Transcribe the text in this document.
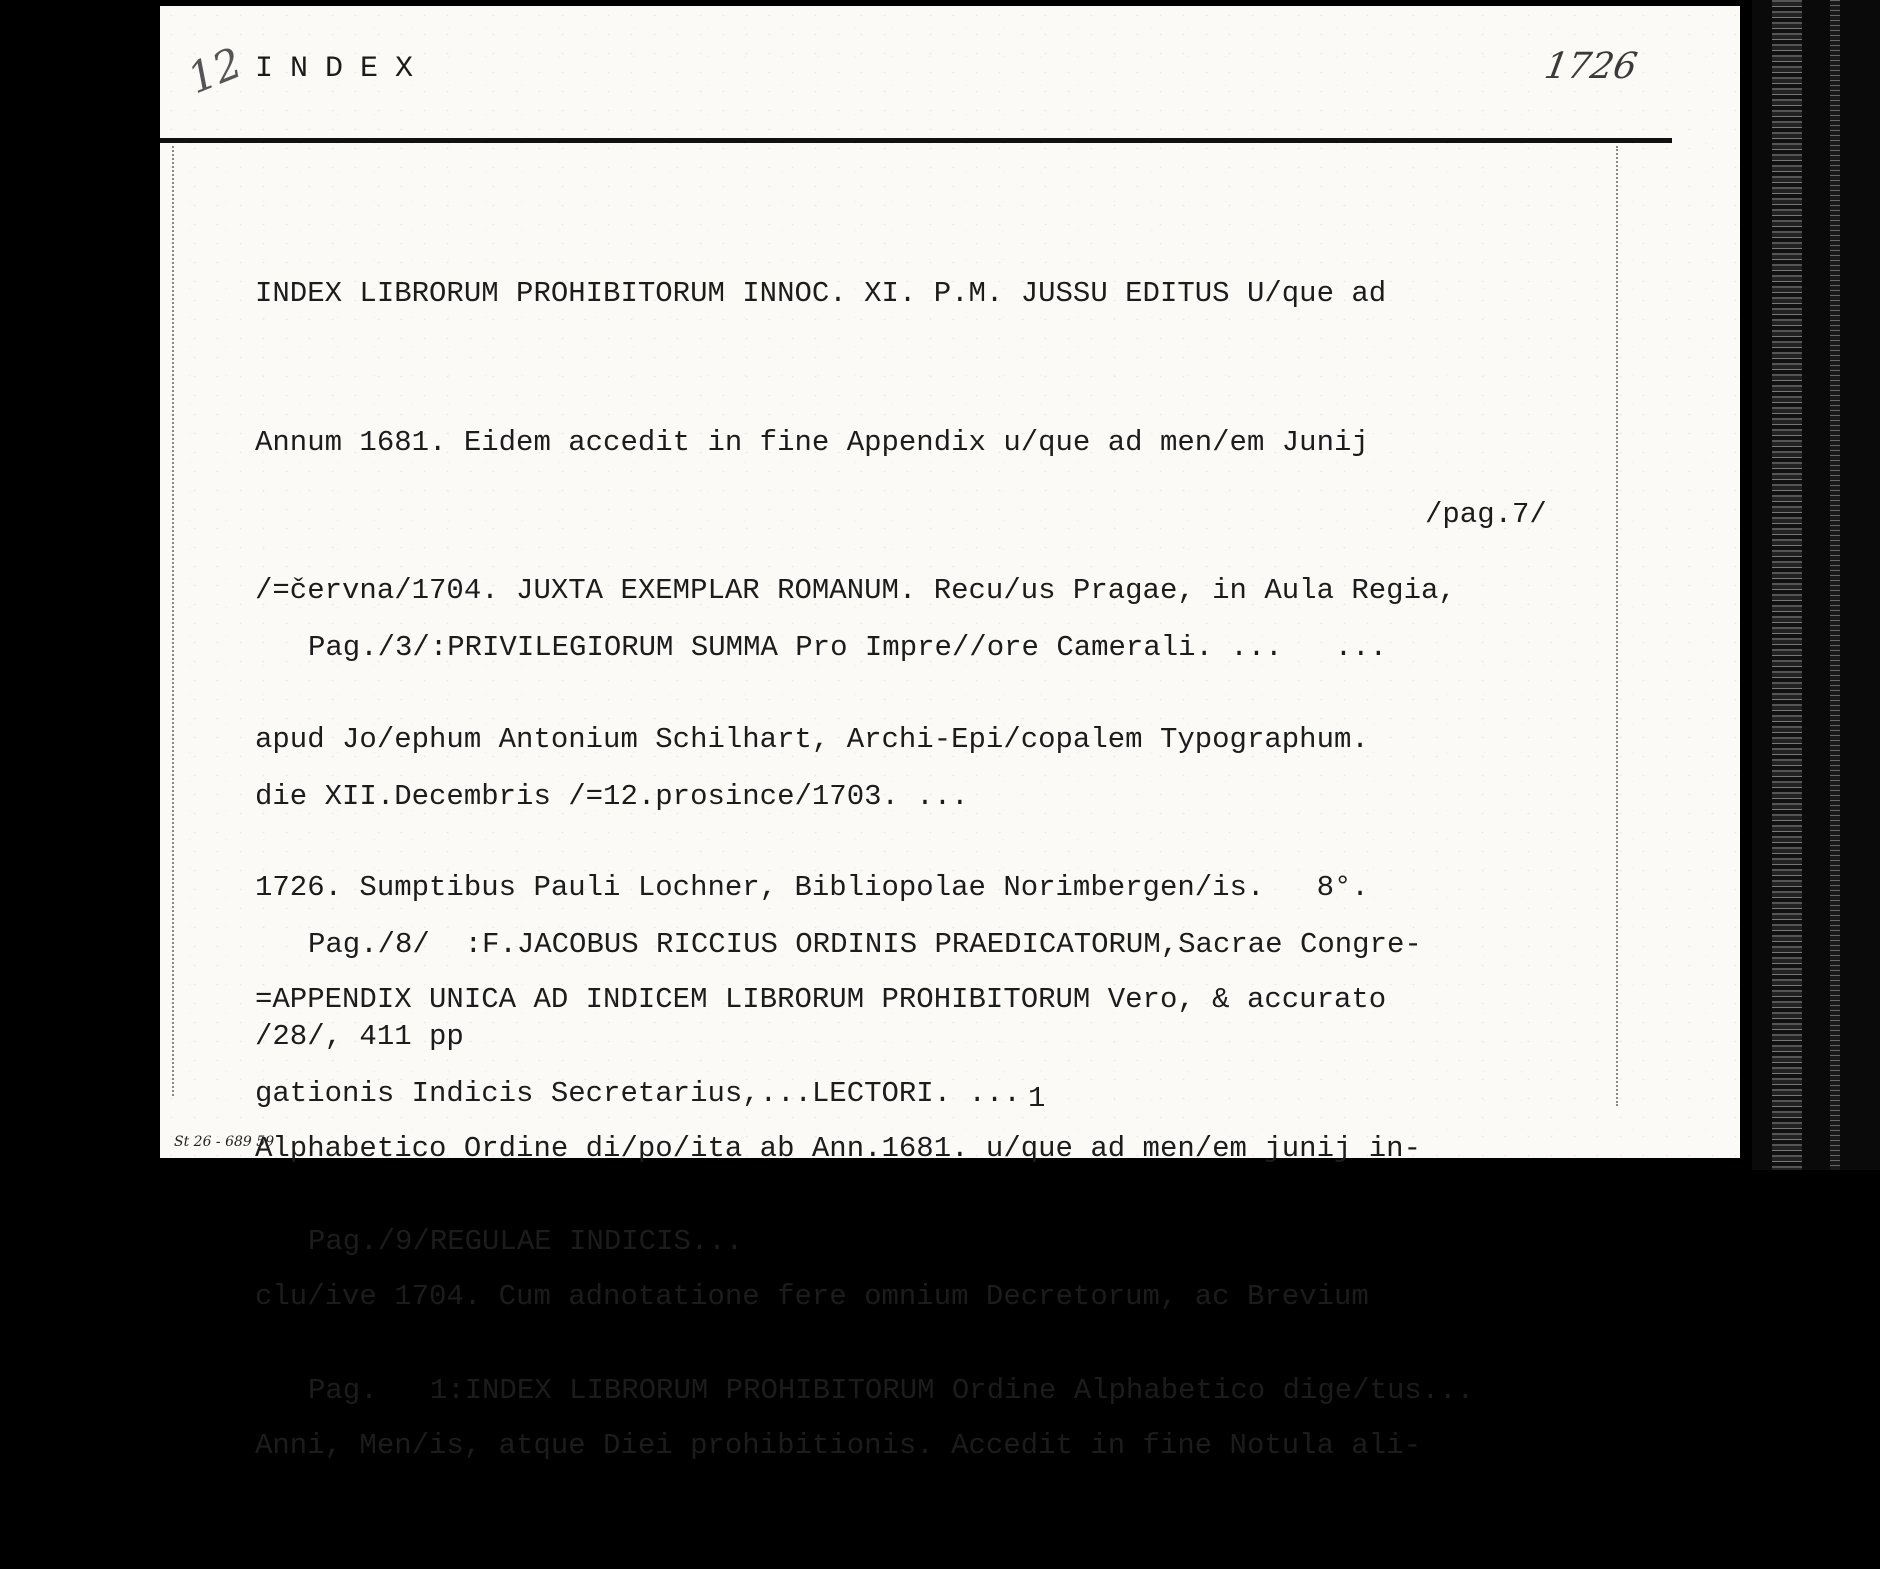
12 INDEX	1726

INDEX LIBRORUM PROHIBITORUM INNOC. XI. P.M. JUSSU EDITUS U/que ad

Annum 1681. Eidem accedit in fine Appendix u/que ad men/em Junij

/=června/1704. JUXTA EXEMPLAR ROMANUM. Recu/us Pragae, in Aula Regia,

apud Jo/ephum Antonium Schilhart, Archi-Epi/copalem Typographum.

1726. Sumptibus Pauli Lochner, Bibliopolae Norimbergen/is.   8°.

/28/, 411 pp

/pag.7/

Pag./3/:PRIVILEGIORUM SUMMA Pro Impre//ore Camerali. ...   ...

die XII.Decembris /=12.prosince/1703. ...

Pag./8/  :F.JACOBUS RICCIUS ORDINIS PRAEDICATORUM,Sacrae Congre-

gationis Indicis Secretarius,...LECTORI. ...

Pag./9/REGULAE INDICIS...

Pag.   1:INDEX LIBRORUM PROHIBITORUM Ordine Alphabetico dige/tus...

=APPENDIX UNICA AD INDICEM LIBRORUM PROHIBITORUM Vero, & accurato

Alphabetico Ordine di/po/ita ab Ann.1681. u/que ad men/em junij in-

clu/ive 1704. Cum adnotatione fere omnium Decretorum, ac Brevium

Anni, Men/is, atque Diei prohibitionis. Accedit in fine Notula ali-

1
St 26 - 689 59
